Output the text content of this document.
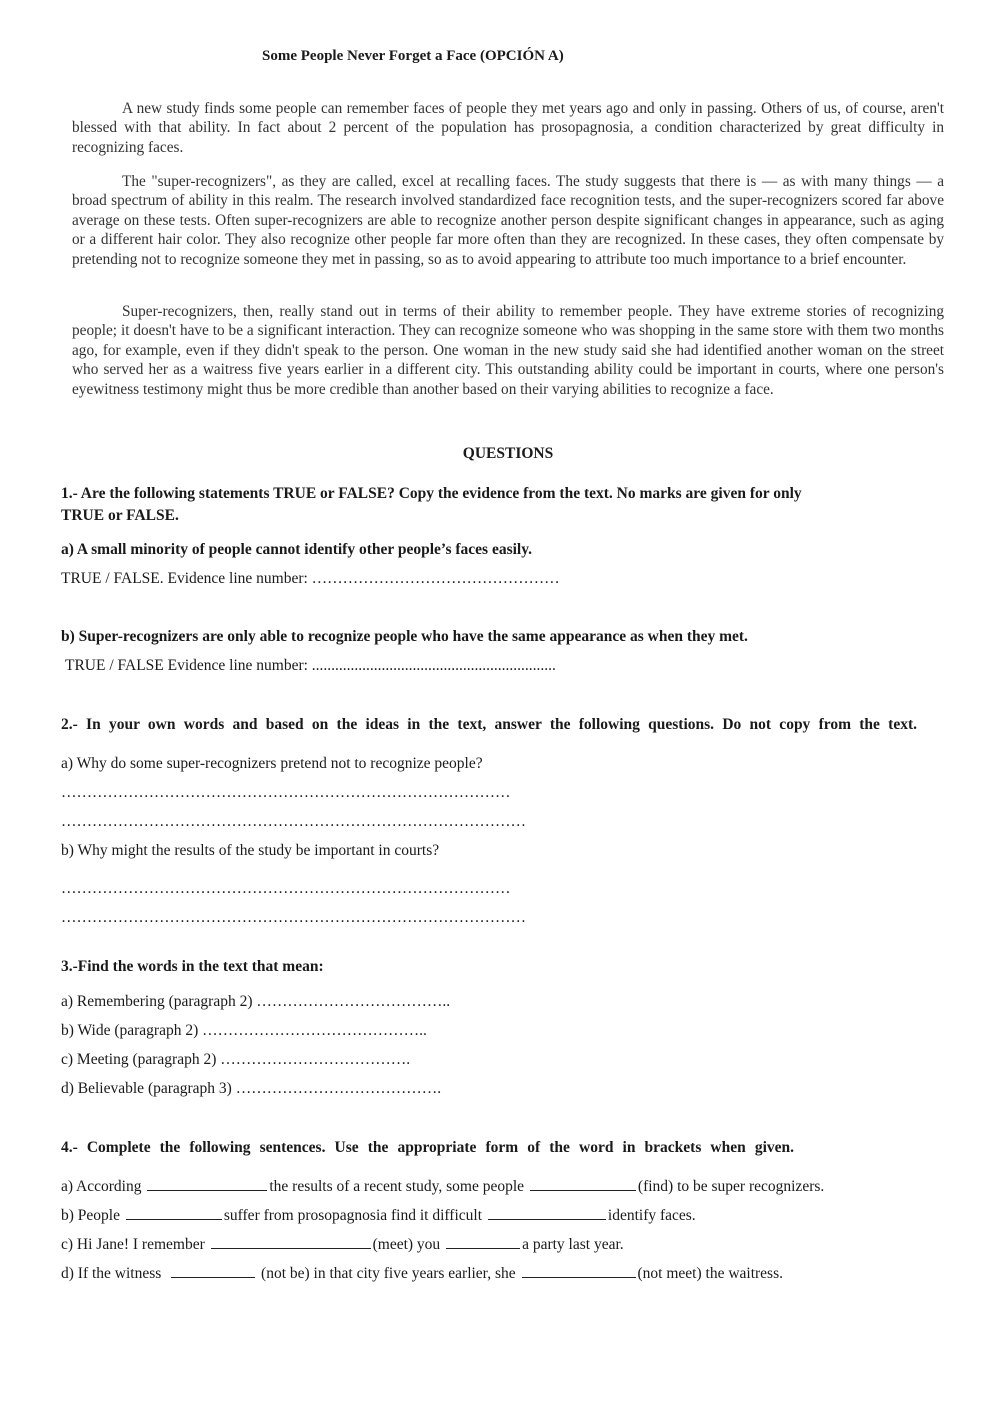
Some People Never Forget a Face (OPCIÓN A)

A new study finds some people can remember faces of people they met years ago and only in passing. Others of us, of course, aren't blessed with that ability. In fact about 2 percent of the population has prosopagnosia, a condition characterized by great difficulty in recognizing faces.

The "super-recognizers", as they are called, excel at recalling faces. The study suggests that there is — as with many things — a broad spectrum of ability in this realm. The research involved standardized face recognition tests, and the super-recognizers scored far above average on these tests. Often super-recognizers are able to recognize another person despite significant changes in appearance, such as aging or a different hair color. They also recognize other people far more often than they are recognized. In these cases, they often compensate by pretending not to recognize someone they met in passing, so as to avoid appearing to attribute too much importance to a brief encounter.

Super-recognizers, then, really stand out in terms of their ability to remember people. They have extreme stories of recognizing people; it doesn't have to be a significant interaction. They can recognize someone who was shopping in the same store with them two months ago, for example, even if they didn't speak to the person. One woman in the new study said she had identified another woman on the street who served her as a waitress five years earlier in a different city. This outstanding ability could be important in courts, where one person's eyewitness testimony might thus be more credible than another based on their varying abilities to recognize a face.

QUESTIONS
1.- Are the following statements TRUE or FALSE? Copy the evidence from the text. No marks are given for only
TRUE or FALSE.
a) A small minority of people cannot identify other people’s faces easily.
TRUE / FALSE. Evidence line number: …………………………………………
b) Super-recognizers are only able to recognize people who have the same appearance as when they met.
TRUE / FALSE Evidence line number: ...............................................................
2.- In your own words and based on the ideas in the text, answer the following questions. Do not copy from the text.
a) Why do some super-recognizers pretend not to recognize people?
……………………………………………………………………………
………………………………………………………………………………
b) Why might the results of the study be important in courts?
……………………………………………………………………………
………………………………………………………………………………
3.-Find the words in the text that mean:
a) Remembering (paragraph 2) ………………………………..
b) Wide (paragraph 2) ……………………………………..
c) Meeting (paragraph 2) ……………………………….
d) Believable (paragraph 3) ………………………………….
4.- Complete the following sentences. Use the appropriate form of the word in brackets when given.
a) According	the results of a recent study, some people	(find) to be super recognizers.
b) People	suffer from prosopagnosia find it difficult	identify faces.
c) Hi Jane! I remember	(meet) you	a party last year.
d) If the witness	(not be) in that city five years earlier, she	(not meet) the waitress.
